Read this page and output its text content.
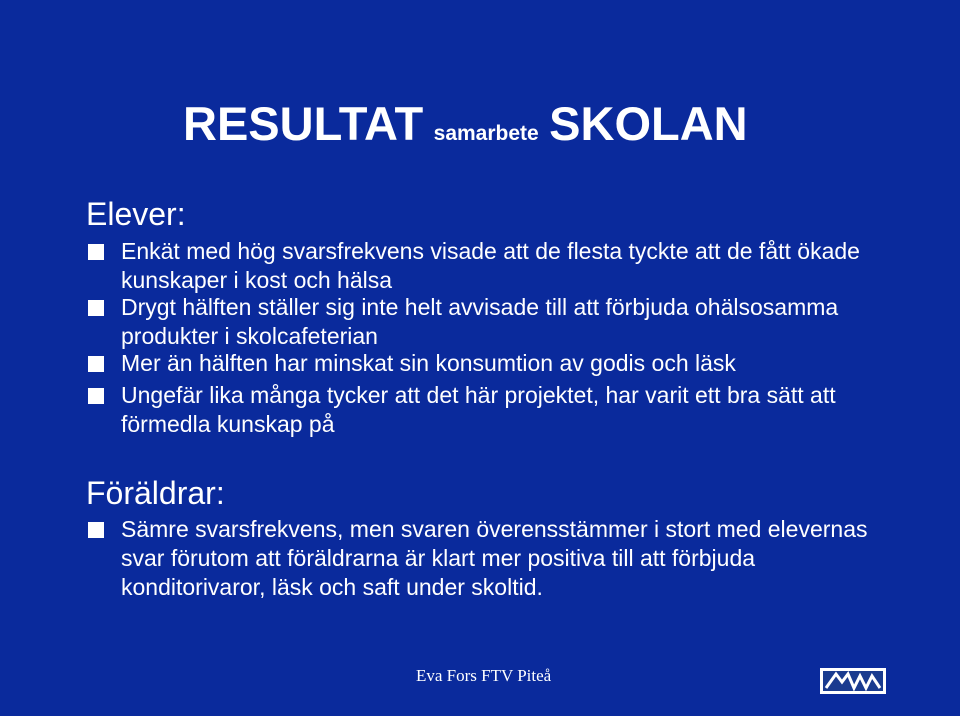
RESULTAT samarbete SKOLAN
Elever:
Enkät med hög svarsfrekvens visade att de flesta tyckte att de fått ökade kunskaper i kost och hälsa
Drygt hälften ställer sig inte helt avvisade till att förbjuda ohälsosamma produkter i skolcafeterian
Mer än hälften har minskat sin konsumtion av godis och läsk
Ungefär lika många tycker att det här projektet, har varit ett bra sätt att förmedla kunskap på
Föräldrar:
Sämre svarsfrekvens, men svaren överensstämmer i stort med elevernas svar förutom att föräldrarna är klart mer positiva till att förbjuda konditorivaror, läsk och saft under skoltid.
Eva Fors FTV Piteå
